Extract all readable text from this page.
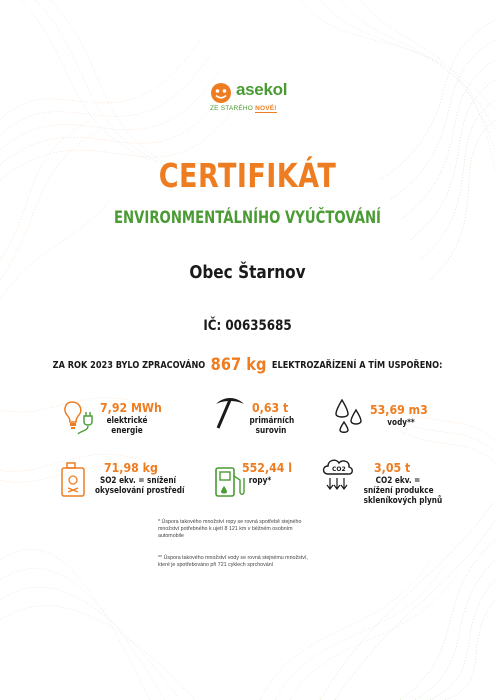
asekol
ZE STARÉHO NOVÉ!
CERTIFIKÁT
ENVIRONMENTÁLNÍHO VYÚČTOVÁNÍ
Obec Štarnov
IČ: 00635685
ZA ROK 2023 BYLO ZPRACOVÁNO 867 kg ELEKTROZAŘÍZENÍ A TÍM USPOŘENO:
7,92 MWh
elektrické
energie
0,63 t
primárních
surovin
53,69 m3
vody**
71,98 kg
SO2 ekv. = snížení
okyselování prostředí
552,44 l
ropy*
CO2 3,05 t
CO2 ekv. =
snížení produkce
skleníkových plynů
* Úspora takového množství ropy se rovná spotřebě stejného množství potřebného k ujetí 8 121 km v běžném osobním automobile
** Úspora takového množství vody se rovná stejnému množství, které je spotřebováno při 721 cyklech sprchování
